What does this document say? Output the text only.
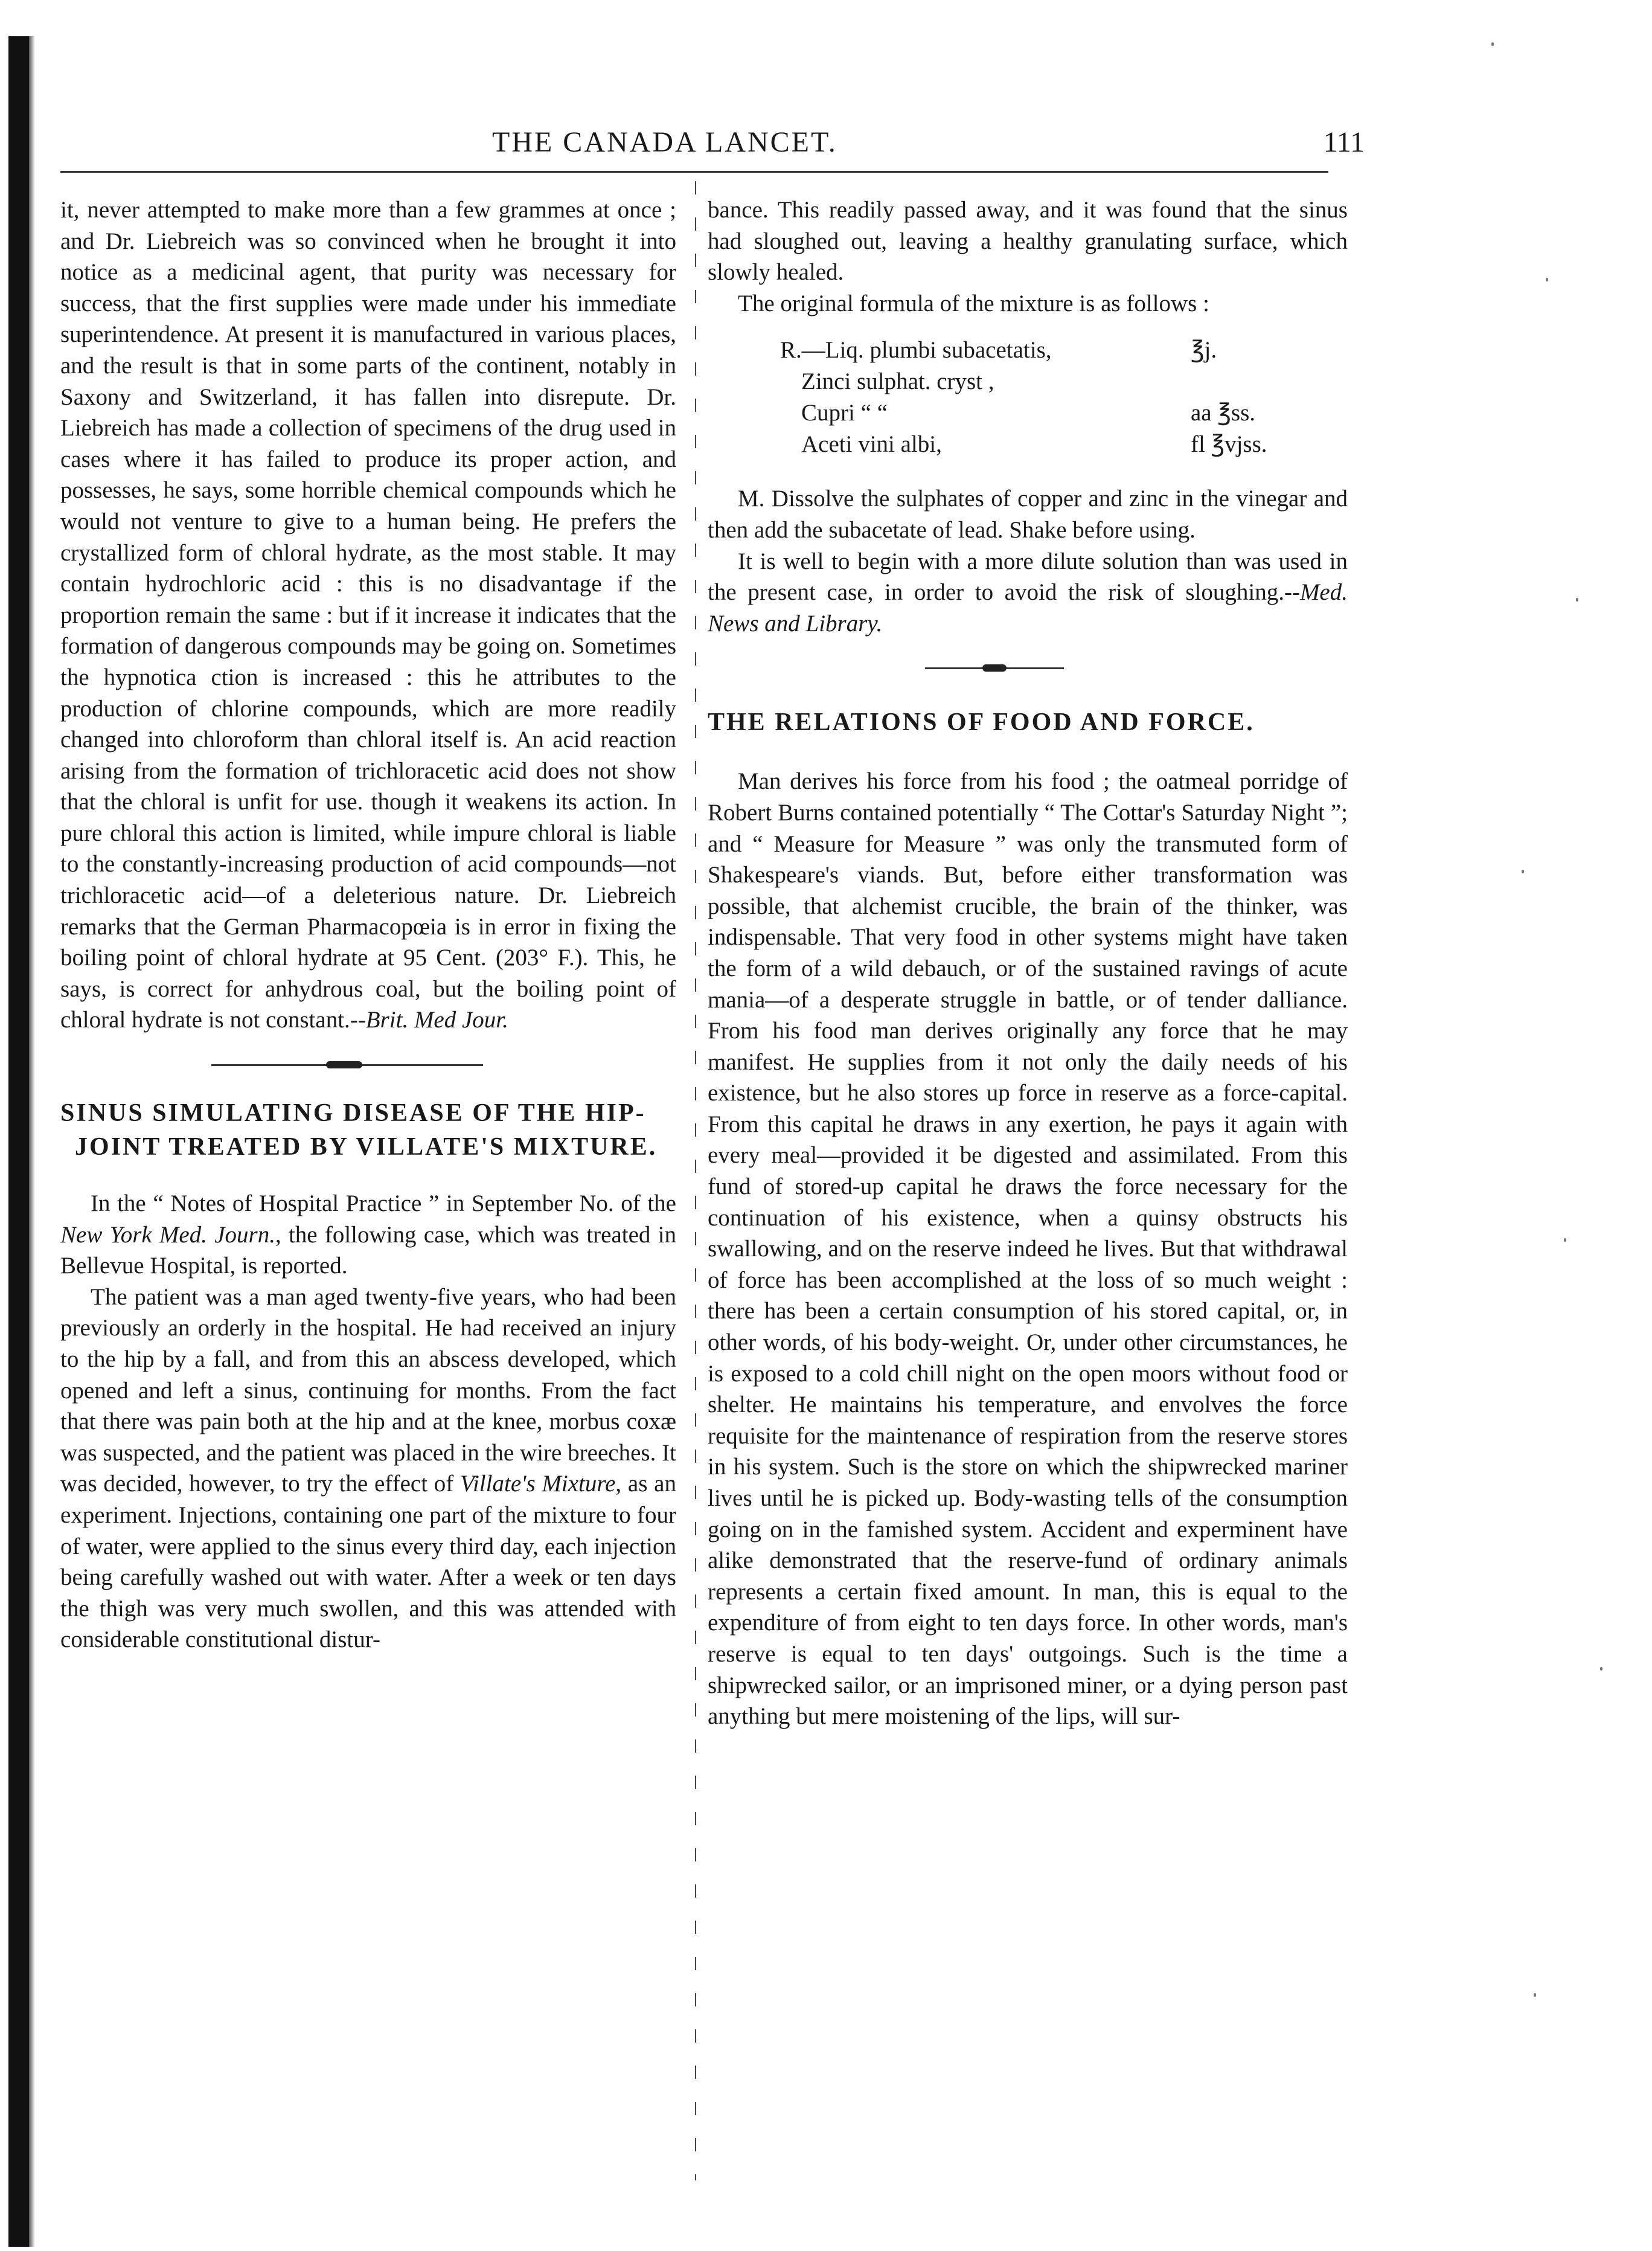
THE CANADA LANCET.	111

it, never attempted to make more than a few grammes at once ; and Dr. Liebreich was so convinced when he brought it into notice as a medicinal agent, that purity was necessary for success, that the first supplies were made under his immediate superintendence. At present it is manufactured in various places, and the result is that in some parts of the continent, notably in Saxony and Switzerland, it has fallen into disrepute. Dr. Liebreich has made a collection of specimens of the drug used in cases where it has failed to produce its proper action, and possesses, he says, some horrible chemical compounds which he would not venture to give to a human being. He prefers the crystallized form of chloral hydrate, as the most stable. It may contain hydrochloric acid : this is no disadvantage if the proportion remain the same : but if it increase it indicates that the formation of dangerous compounds may be going on. Sometimes the hypnotica ction is increased : this he attributes to the production of chlorine compounds, which are more readily changed into chloroform than chloral itself is. An acid reaction arising from the formation of trichloracetic acid does not show that the chloral is unfit for use. though it weakens its action. In pure chloral this action is limited, while impure chloral is liable to the constantly-increasing production of acid compounds—not trichloracetic acid—of a deleterious nature. Dr. Liebreich remarks that the German Pharmacopœia is in error in fixing the boiling point of chloral hydrate at 95 Cent. (203° F.). This, he says, is correct for anhydrous coal, but the boiling point of chloral hydrate is not constant.--Brit. Med Jour.

SINUS SIMULATING DISEASE OF THE HIP-JOINT TREATED BY VILLATE'S MIXTURE.

In the “ Notes of Hospital Practice ” in September No. of the New York Med. Journ., the following case, which was treated in Bellevue Hospital, is reported.

The patient was a man aged twenty-five years, who had been previously an orderly in the hospital. He had received an injury to the hip by a fall, and from this an abscess developed, which opened and left a sinus, continuing for months. From the fact that there was pain both at the hip and at the knee, morbus coxæ was suspected, and the patient was placed in the wire breeches. It was decided, however, to try the effect of Villate's Mixture, as an experiment. Injections, containing one part of the mixture to four of water, were applied to the sinus every third day, each injection being carefully washed out with water. After a week or ten days the thigh was very much swollen, and this was attended with considerable constitutional distur-

bance. This readily passed away, and it was found that the sinus had sloughed out, leaving a healthy granulating surface, which slowly healed.

The original formula of the mixture is as follows :

R.—Liq. plumbi subacetatis,	℥j.
Zinci sulphat. cryst ,
Cupri “ “	aa ℥ss.
Aceti vini albi,	fl ℥vjss.

M. Dissolve the sulphates of copper and zinc in the vinegar and then add the subacetate of lead. Shake before using.

It is well to begin with a more dilute solution than was used in the present case, in order to avoid the risk of sloughing.--Med. News and Library.

THE RELATIONS OF FOOD AND FORCE.

Man derives his force from his food ; the oatmeal porridge of Robert Burns contained potentially “ The Cottar's Saturday Night ”; and “ Measure for Measure ” was only the transmuted form of Shakespeare's viands. But, before either transformation was possible, that alchemist crucible, the brain of the thinker, was indispensable. That very food in other systems might have taken the form of a wild debauch, or of the sustained ravings of acute mania—of a desperate struggle in battle, or of tender dalliance. From his food man derives originally any force that he may manifest. He supplies from it not only the daily needs of his existence, but he also stores up force in reserve as a force-capital. From this capital he draws in any exertion, he pays it again with every meal—provided it be digested and assimilated. From this fund of stored-up capital he draws the force necessary for the continuation of his existence, when a quinsy obstructs his swallowing, and on the reserve indeed he lives. But that withdrawal of force has been accomplished at the loss of so much weight : there has been a certain consumption of his stored capital, or, in other words, of his body-weight. Or, under other circumstances, he is exposed to a cold chill night on the open moors without food or shelter. He maintains his temperature, and envolves the force requisite for the maintenance of respiration from the reserve stores in his system. Such is the store on which the shipwrecked mariner lives until he is picked up. Body-wasting tells of the consumption going on in the famished system. Accident and experminent have alike demonstrated that the reserve-fund of ordinary animals represents a certain fixed amount. In man, this is equal to the expenditure of from eight to ten days force. In other words, man's reserve is equal to ten days' outgoings. Such is the time a shipwrecked sailor, or an imprisoned miner, or a dying person past anything but mere moistening of the lips, will sur-
